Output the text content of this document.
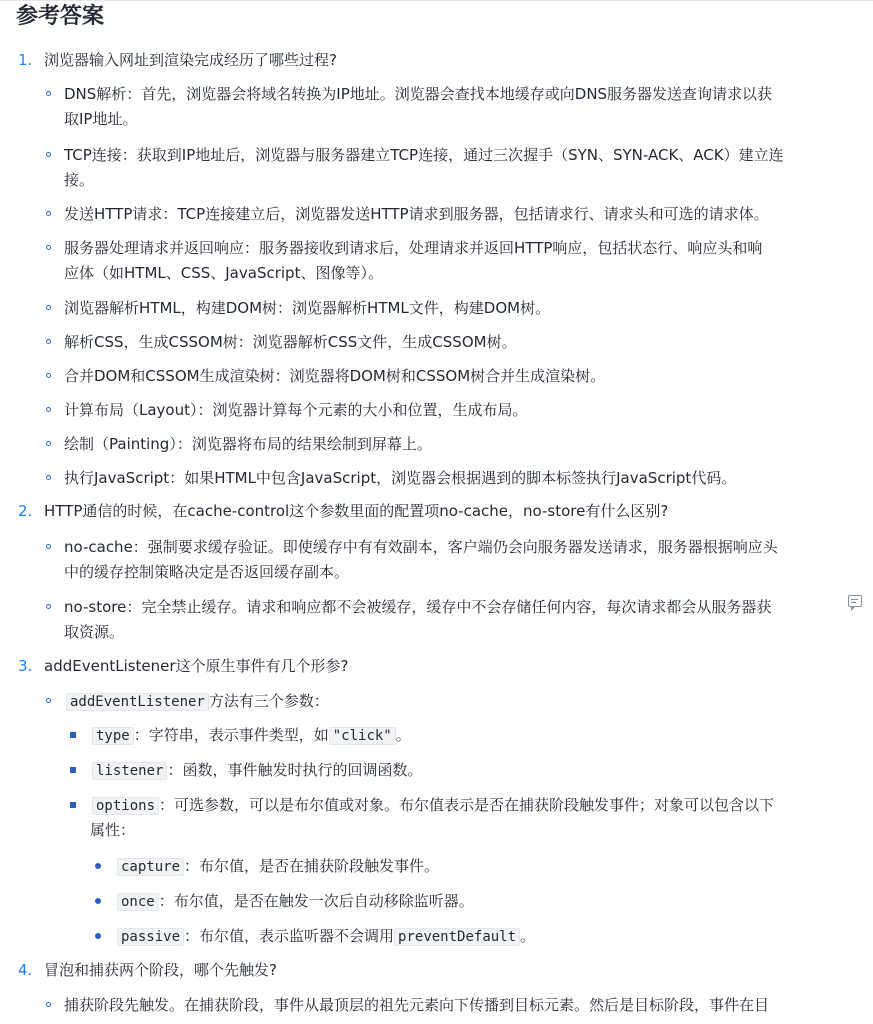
参考答案
1. 浏览器输入网址到渲染完成经历了哪些过程?
DNS解析：首先，浏览器会将域名转换为IP地址。浏览器会查找本地缓存或向DNS服务器发送查询请求以获
取IP地址。
TCP连接：获取到IP地址后，浏览器与服务器建立TCP连接，通过三次握手（SYN、SYN-ACK、ACK）建立连
接。
发送HTTP请求：TCP连接建立后，浏览器发送HTTP请求到服务器，包括请求行、请求头和可选的请求体。
服务器处理请求并返回响应：服务器接收到请求后，处理请求并返回HTTP响应，包括状态行、响应头和响
应体（如HTML、CSS、JavaScript、图像等）。
浏览器解析HTML，构建DOM树：浏览器解析HTML文件，构建DOM树。
解析CSS，生成CSSOM树：浏览器解析CSS文件，生成CSSOM树。
合并DOM和CSSOM生成渲染树：浏览器将DOM树和CSSOM树合并生成渲染树。
计算布局（Layout）：浏览器计算每个元素的大小和位置，生成布局。
绘制（Painting）：浏览器将布局的结果绘制到屏幕上。
执行JavaScript：如果HTML中包含JavaScript，浏览器会根据遇到的脚本标签执行JavaScript代码。
2. HTTP通信的时候，在cache-control这个参数里面的配置项no-cache，no-store有什么区别?
no-cache：强制要求缓存验证。即使缓存中有有效副本，客户端仍会向服务器发送请求，服务器根据响应头
中的缓存控制策略决定是否返回缓存副本。
no-store：完全禁止缓存。请求和响应都不会被缓存，缓存中不会存储任何内容，每次请求都会从服务器获
取资源。
3. addEventListener这个原生事件有几个形参?
addEventListener 方法有三个参数：
type ：字符串，表示事件类型，如 "click" 。
listener ：函数，事件触发时执行的回调函数。
options ：可选参数，可以是布尔值或对象。布尔值表示是否在捕获阶段触发事件；对象可以包含以下
属性：
capture ：布尔值，是否在捕获阶段触发事件。
once ：布尔值，是否在触发一次后自动移除监听器。
passive ：布尔值，表示监听器不会调用 preventDefault 。
4. 冒泡和捕获两个阶段，哪个先触发?
捕获阶段先触发。在捕获阶段，事件从最顶层的祖先元素向下传播到目标元素。然后是目标阶段，事件在目
